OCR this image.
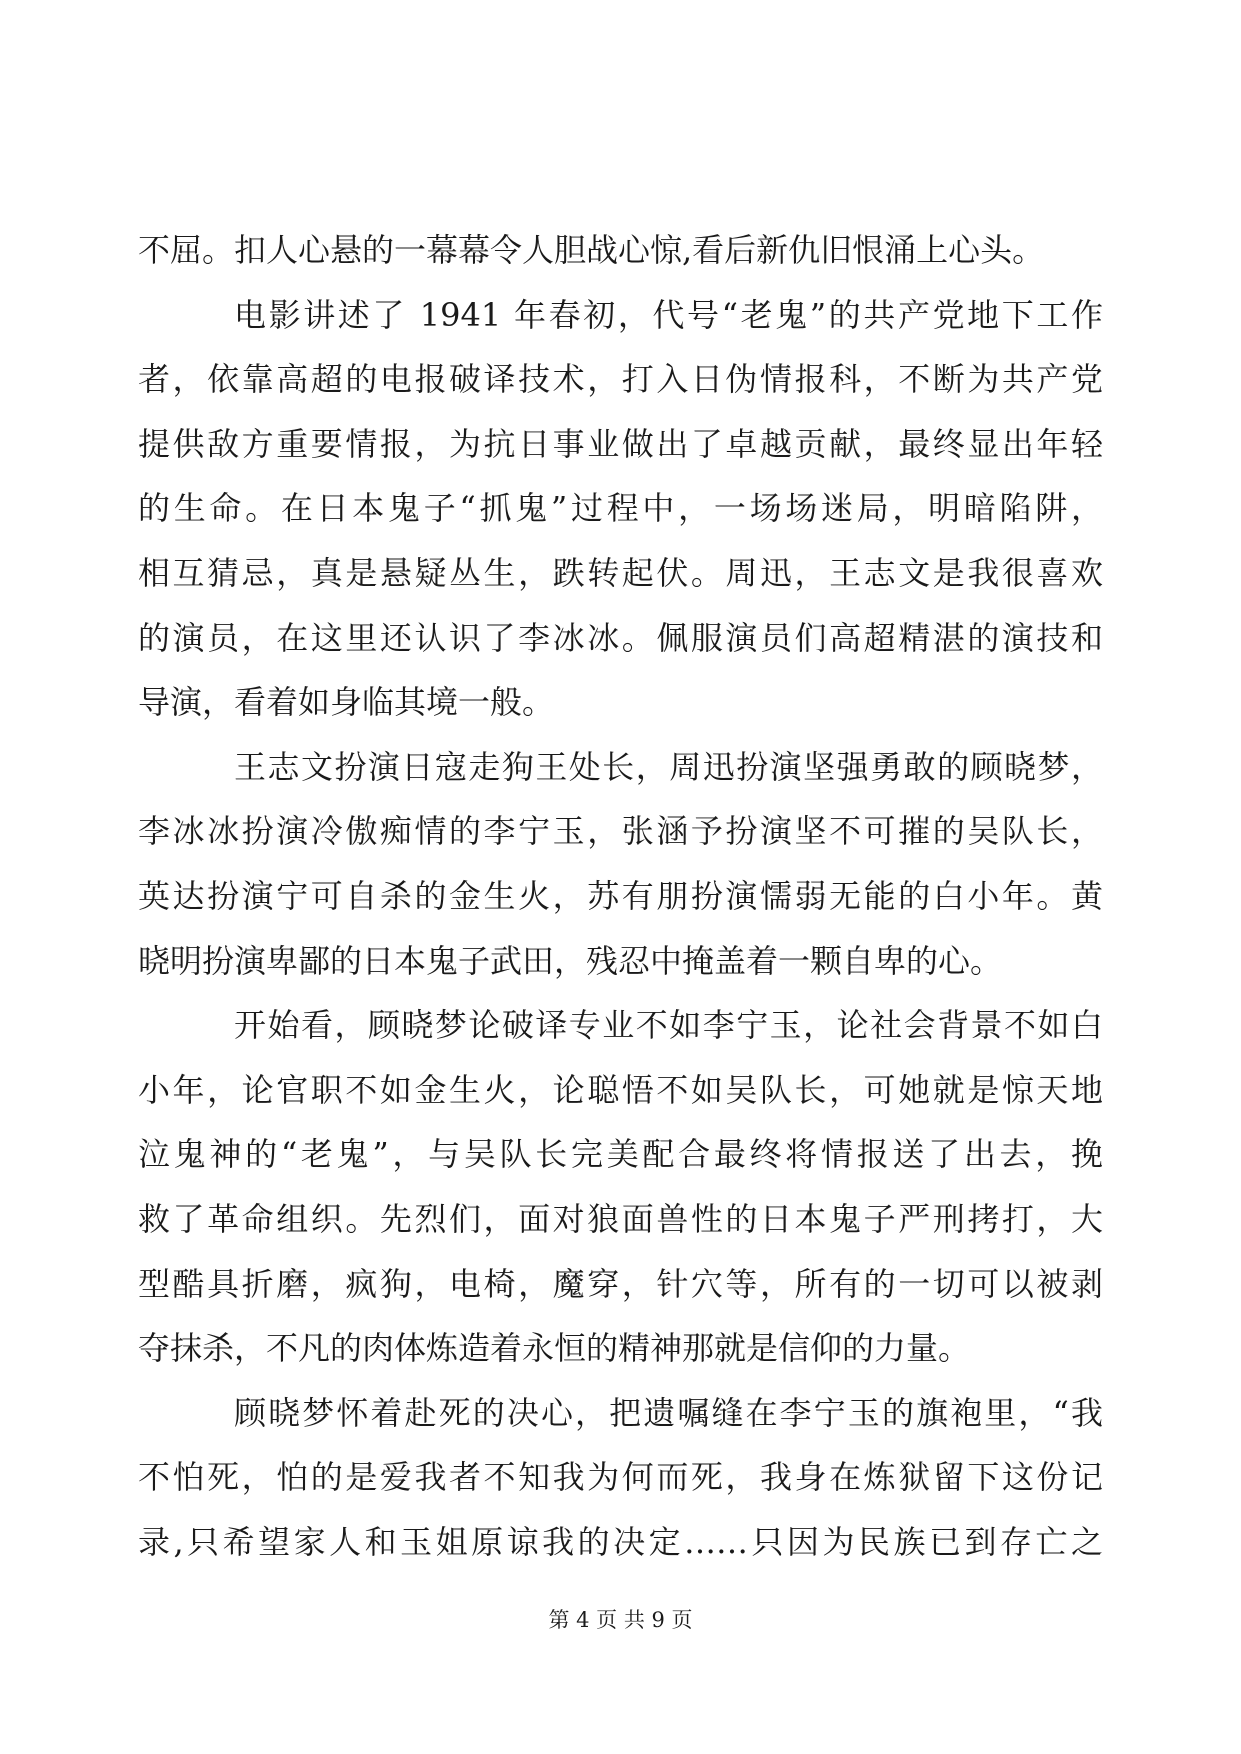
不屈。扣人心悬的一幕幕令人胆战心惊,看后新仇旧恨涌上心头。
电影讲述了 1941 年春初，代号“老鬼”的共产党地下工作
者，依靠高超的电报破译技术，打入日伪情报科，不断为共产党
提供敌方重要情报，为抗日事业做出了卓越贡献，最终显出年轻
的生命。在日本鬼子“抓鬼”过程中，一场场迷局，明暗陷阱，
相互猜忌，真是悬疑丛生，跌转起伏。周迅，王志文是我很喜欢
的演员，在这里还认识了李冰冰。佩服演员们高超精湛的演技和
导演，看着如身临其境一般。
王志文扮演日寇走狗王处长，周迅扮演坚强勇敢的顾晓梦，
李冰冰扮演冷傲痴情的李宁玉，张涵予扮演坚不可摧的吴队长，
英达扮演宁可自杀的金生火，苏有朋扮演懦弱无能的白小年。黄
晓明扮演卑鄙的日本鬼子武田，残忍中掩盖着一颗自卑的心。
开始看，顾晓梦论破译专业不如李宁玉，论社会背景不如白
小年，论官职不如金生火，论聪悟不如吴队长，可她就是惊天地
泣鬼神的“老鬼”，与吴队长完美配合最终将情报送了出去，挽
救了革命组织。先烈们，面对狼面兽性的日本鬼子严刑拷打，大
型酷具折磨，疯狗，电椅，魔穿，针穴等，所有的一切可以被剥
夺抹杀，不凡的肉体炼造着永恒的精神那就是信仰的力量。
顾晓梦怀着赴死的决心，把遗嘱缝在李宁玉的旗袍里，“我
不怕死，怕的是爱我者不知我为何而死，我身在炼狱留下这份记
录,只希望家人和玉姐原谅我的决定……只因为民族已到存亡之
第 4 页 共 9 页
